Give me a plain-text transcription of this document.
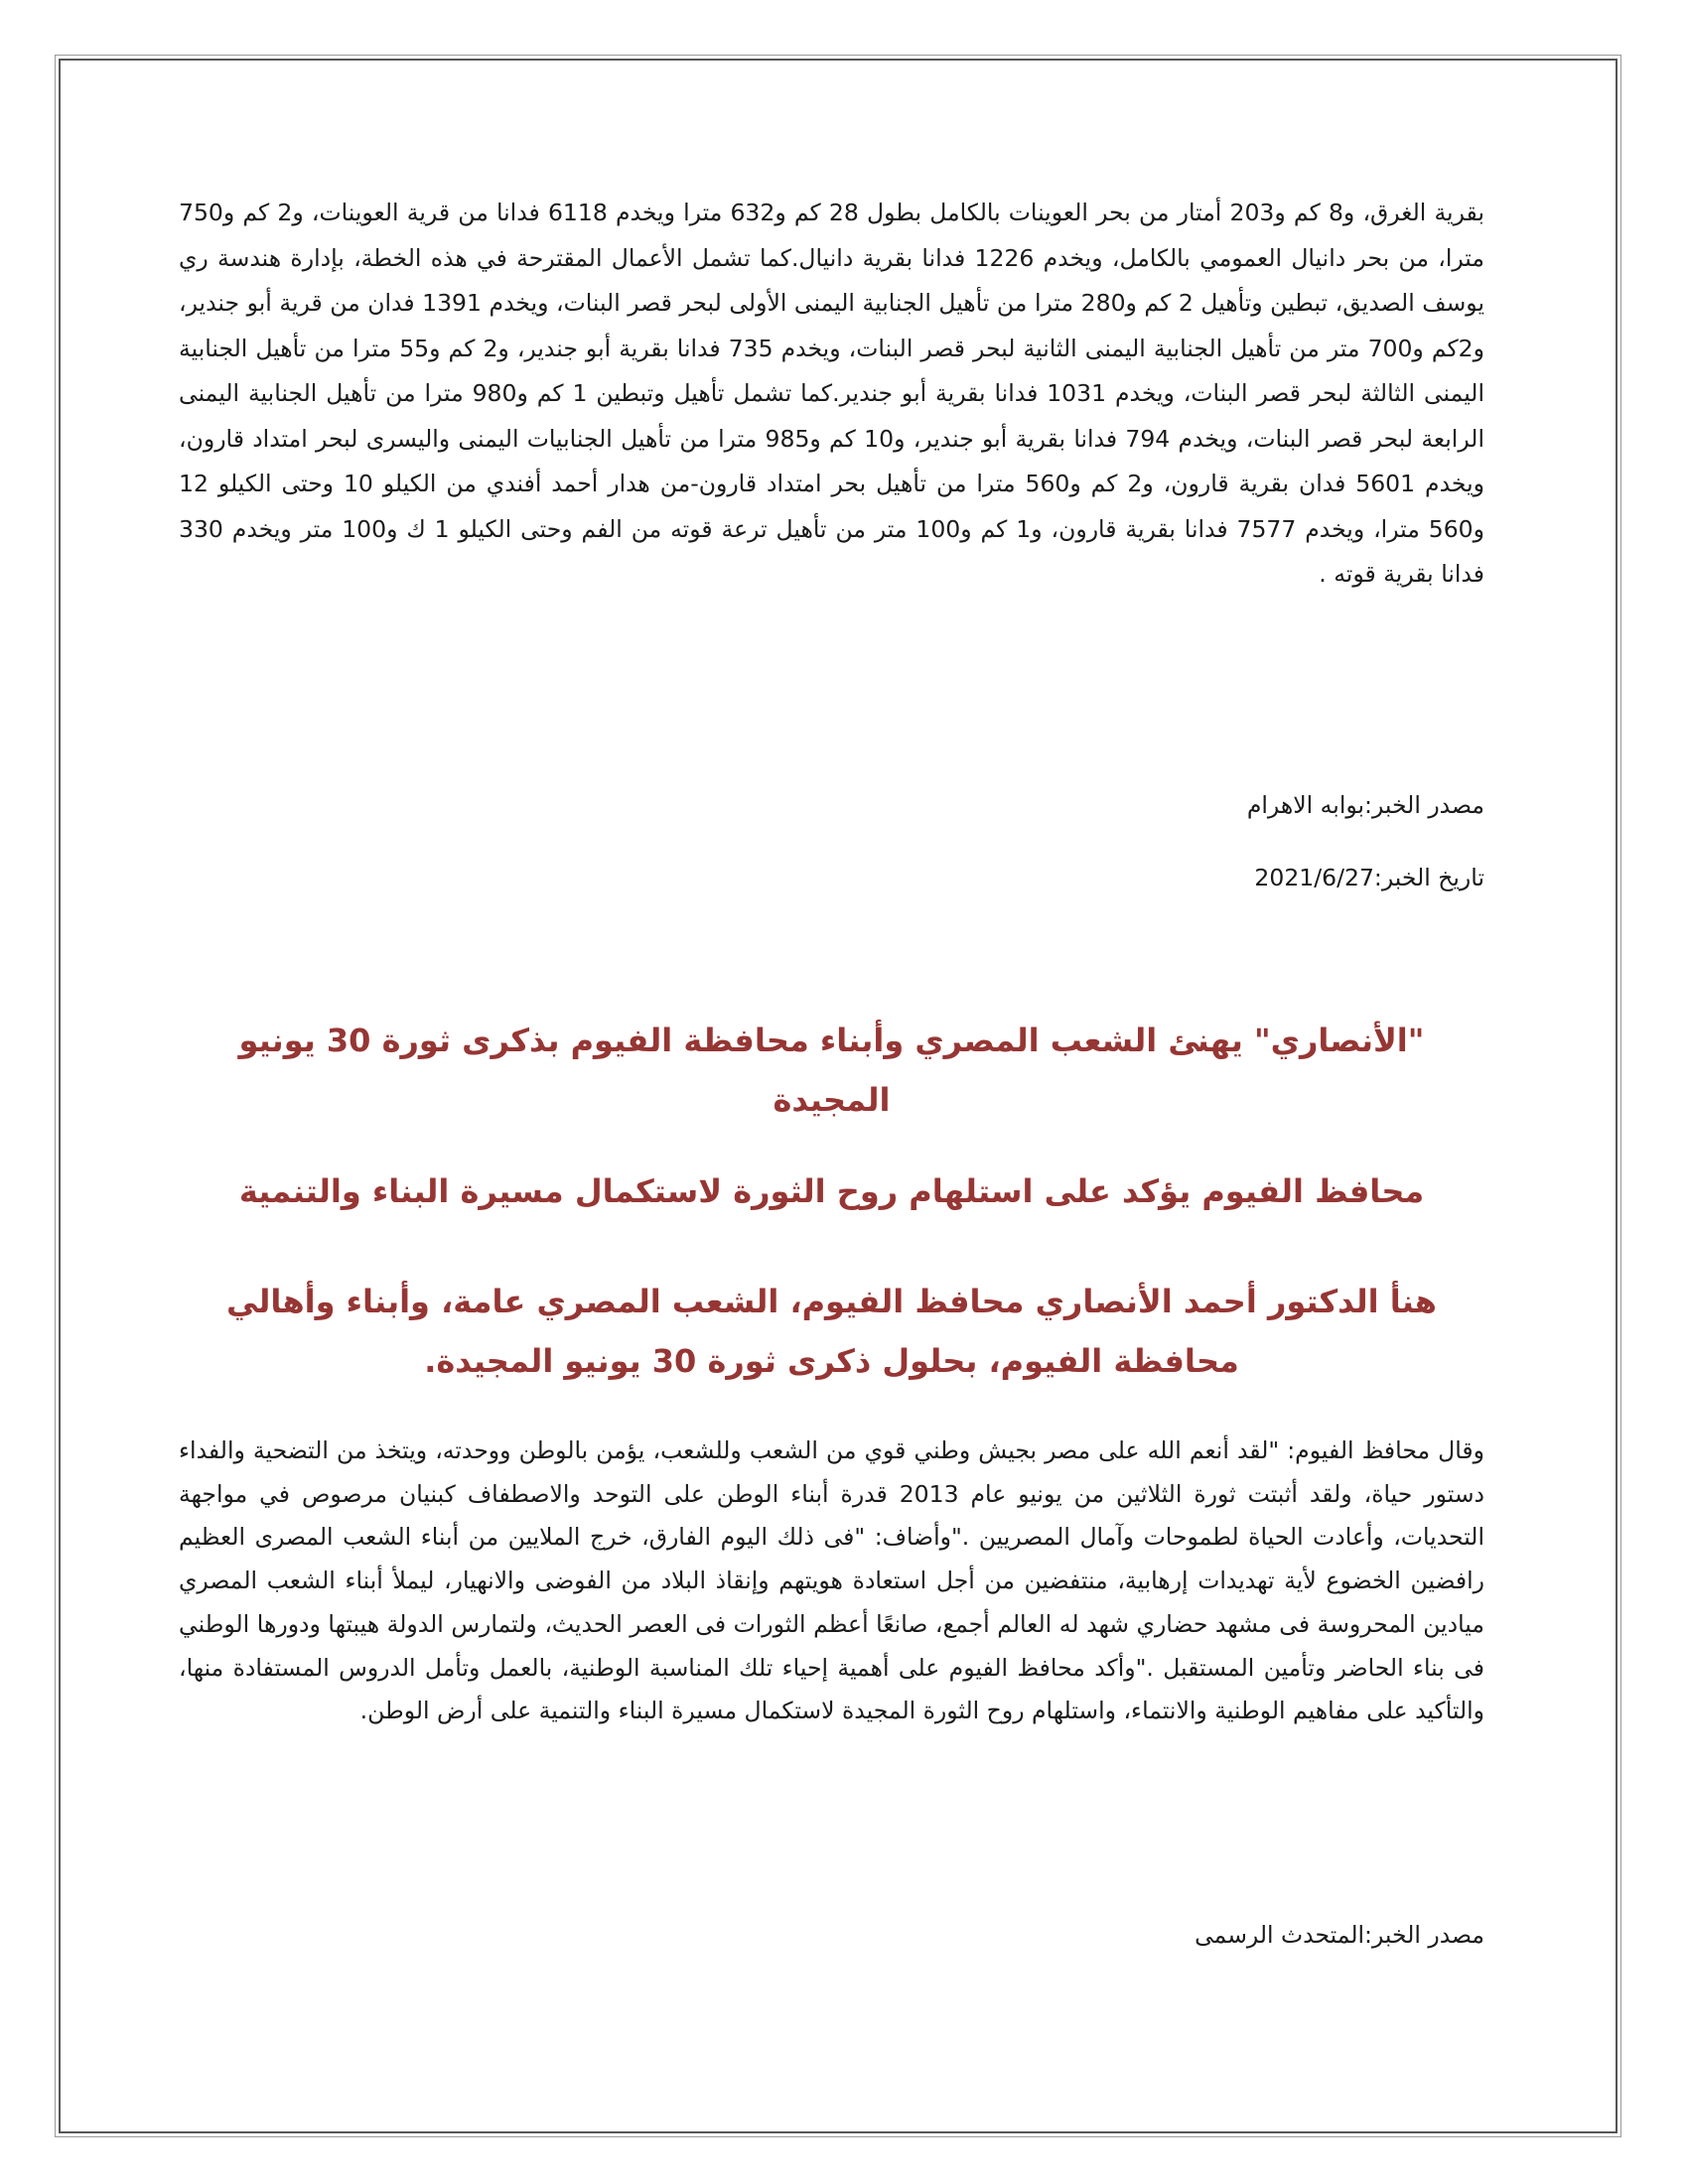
بقرية الغرق، و8 كم و203 أمتار من بحر العوينات بالكامل بطول 28 كم و632 مترا ويخدم 6118 فدانا من قرية العوينات، و2 كم و750 مترا، من بحر دانيال العمومي بالكامل، ويخدم 1226 فدانا بقرية دانيال.كما تشمل الأعمال المقترحة في هذه الخطة، بإدارة هندسة ري يوسف الصديق، تبطين وتأهيل 2 كم و280 مترا من تأهيل الجنابية اليمنى الأولى لبحر قصر البنات، ويخدم 1391 فدان من قرية أبو جندير، و2كم و700 متر من تأهيل الجنابية اليمنى الثانية لبحر قصر البنات، ويخدم 735 فدانا بقرية أبو جندير، و2 كم و55 مترا من تأهيل الجنابية اليمنى الثالثة لبحر قصر البنات، ويخدم 1031 فدانا بقرية أبو جندير.كما تشمل تأهيل وتبطين 1 كم و980 مترا من تأهيل الجنابية اليمنى الرابعة لبحر قصر البنات، ويخدم 794 فدانا بقرية أبو جندير، و10 كم و985 مترا من تأهيل الجنابيات اليمنى واليسرى لبحر امتداد قارون، ويخدم 5601 فدان بقرية قارون، و2 كم و560 مترا من تأهيل بحر امتداد قارون-من هدار أحمد أفندي من الكيلو 10 وحتى الكيلو 12 و560 مترا، ويخدم 7577 فدانا بقرية قارون، و1 كم و100 متر من تأهيل ترعة قوته من الفم وحتى الكيلو 1 ك و100 متر ويخدم 330 فدانا بقرية قوته .

مصدر الخبر:بوابه الاهرام

تاريخ الخبر:2021/6/27

"الأنصاري" يهنئ الشعب المصري وأبناء محافظة الفيوم بذكرى ثورة 30 يونيو المجيدة

محافظ الفيوم يؤكد على استلهام روح الثورة لاستكمال مسيرة البناء والتنمية

هنأ الدكتور أحمد الأنصاري محافظ الفيوم، الشعب المصري عامة، وأبناء وأهالي محافظة الفيوم، بحلول ذكرى ثورة 30 يونيو المجيدة.

وقال محافظ الفيوم: "لقد أنعم الله على مصر بجيش وطني قوي من الشعب وللشعب، يؤمن بالوطن ووحدته، ويتخذ من التضحية والفداء دستور حياة، ولقد أثبتت ثورة الثلاثين من يونيو عام 2013 قدرة أبناء الوطن على التوحد والاصطفاف كبنيان مرصوص في مواجهة التحديات، وأعادت الحياة لطموحات وآمال المصريين ."وأضاف: "فى ذلك اليوم الفارق، خرج الملايين من أبناء الشعب المصرى العظيم رافضين الخضوع لأية تهديدات إرهابية، منتفضين من أجل استعادة هويتهم وإنقاذ البلاد من الفوضى والانهيار، ليملأ أبناء الشعب المصري ميادين المحروسة فى مشهد حضاري شهد له العالم أجمع، صانعًا أعظم الثورات فى العصر الحديث، ولتمارس الدولة هيبتها ودورها الوطني فى بناء الحاضر وتأمين المستقبل ."وأكد محافظ الفيوم على أهمية إحياء تلك المناسبة الوطنية، بالعمل وتأمل الدروس المستفادة منها، والتأكيد على مفاهيم الوطنية والانتماء، واستلهام روح الثورة المجيدة لاستكمال مسيرة البناء والتنمية على أرض الوطن.

مصدر الخبر:المتحدث الرسمى
